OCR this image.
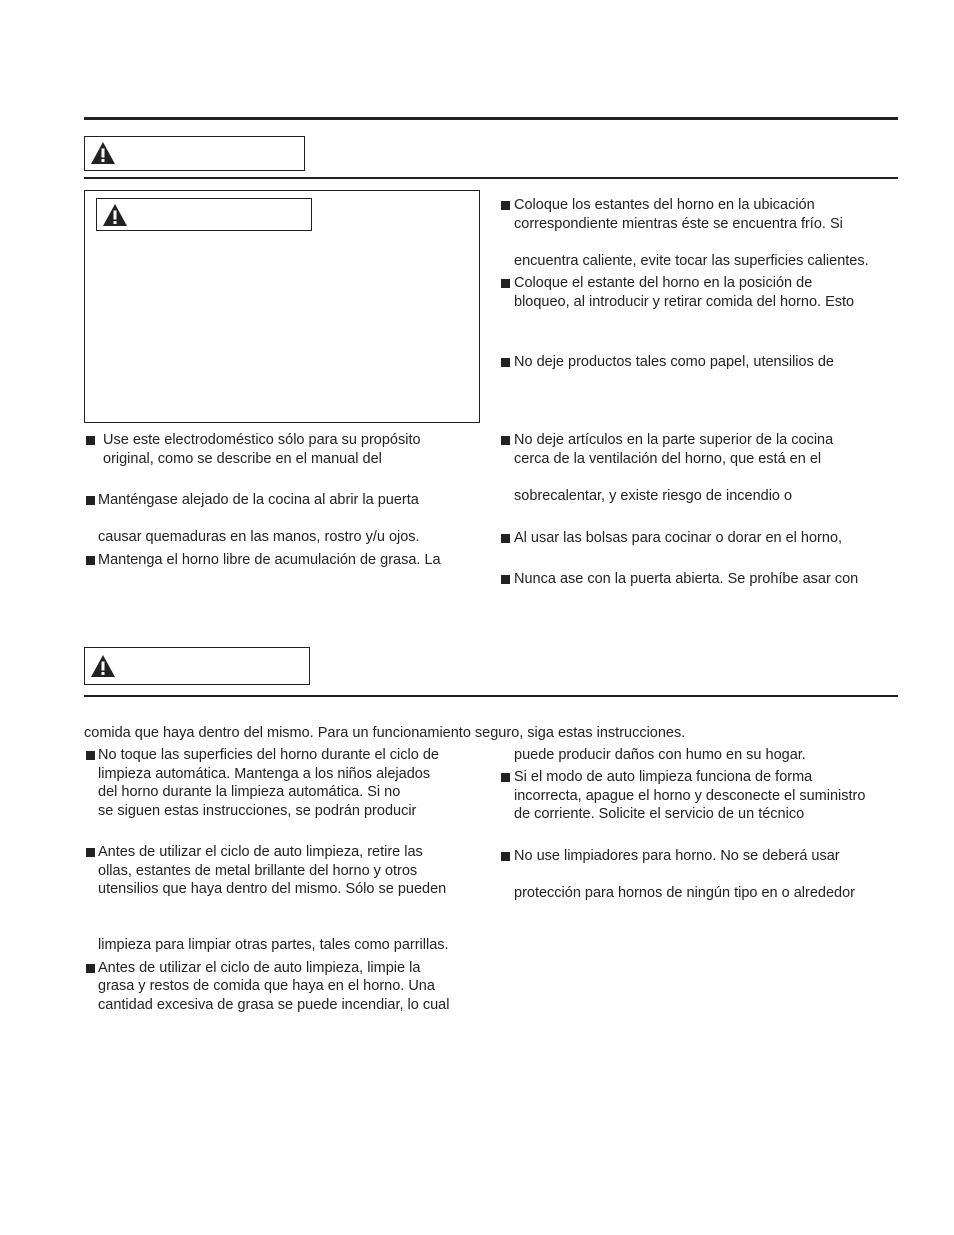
Use este electrodoméstico sólo para su propósito
original, como se describe en el manual del
Manténgase alejado de la cocina al abrir la puerta
causar quemaduras en las manos, rostro y/u ojos.
Mantenga el horno libre de acumulación de grasa. La
Coloque los estantes del horno en la ubicación
correspondiente mientras éste se encuentra frío. Si
encuentra caliente, evite tocar las superficies calientes.
Coloque el estante del horno en la posición de
bloqueo, al introducir y retirar comida del horno. Esto
No deje productos tales como papel, utensilios de
No deje artículos en la parte superior de la cocina
cerca de la ventilación del horno, que está en el
sobrecalentar, y existe riesgo de incendio o
Al usar las bolsas para cocinar o dorar en el horno,
Nunca ase con la puerta abierta. Se prohíbe asar con
comida que haya dentro del mismo. Para un funcionamiento seguro, siga estas instrucciones.
No toque las superficies del horno durante el ciclo de
limpieza automática. Mantenga a los niños alejados
del horno durante la limpieza automática. Si no
se siguen estas instrucciones, se podrán producir
Antes de utilizar el ciclo de auto limpieza, retire las
ollas, estantes de metal brillante del horno y otros
utensilios que haya dentro del mismo. Sólo se pueden
limpieza para limpiar otras partes, tales como parrillas.
Antes de utilizar el ciclo de auto limpieza, limpie la
grasa y restos de comida que haya en el horno. Una
cantidad excesiva de grasa se puede incendiar, lo cual
puede producir daños con humo en su hogar.
Si el modo de auto limpieza funciona de forma
incorrecta, apague el horno y desconecte el suministro
de corriente. Solicite el servicio de un técnico
No use limpiadores para horno. No se deberá usar
protección para hornos de ningún tipo en o alrededor
